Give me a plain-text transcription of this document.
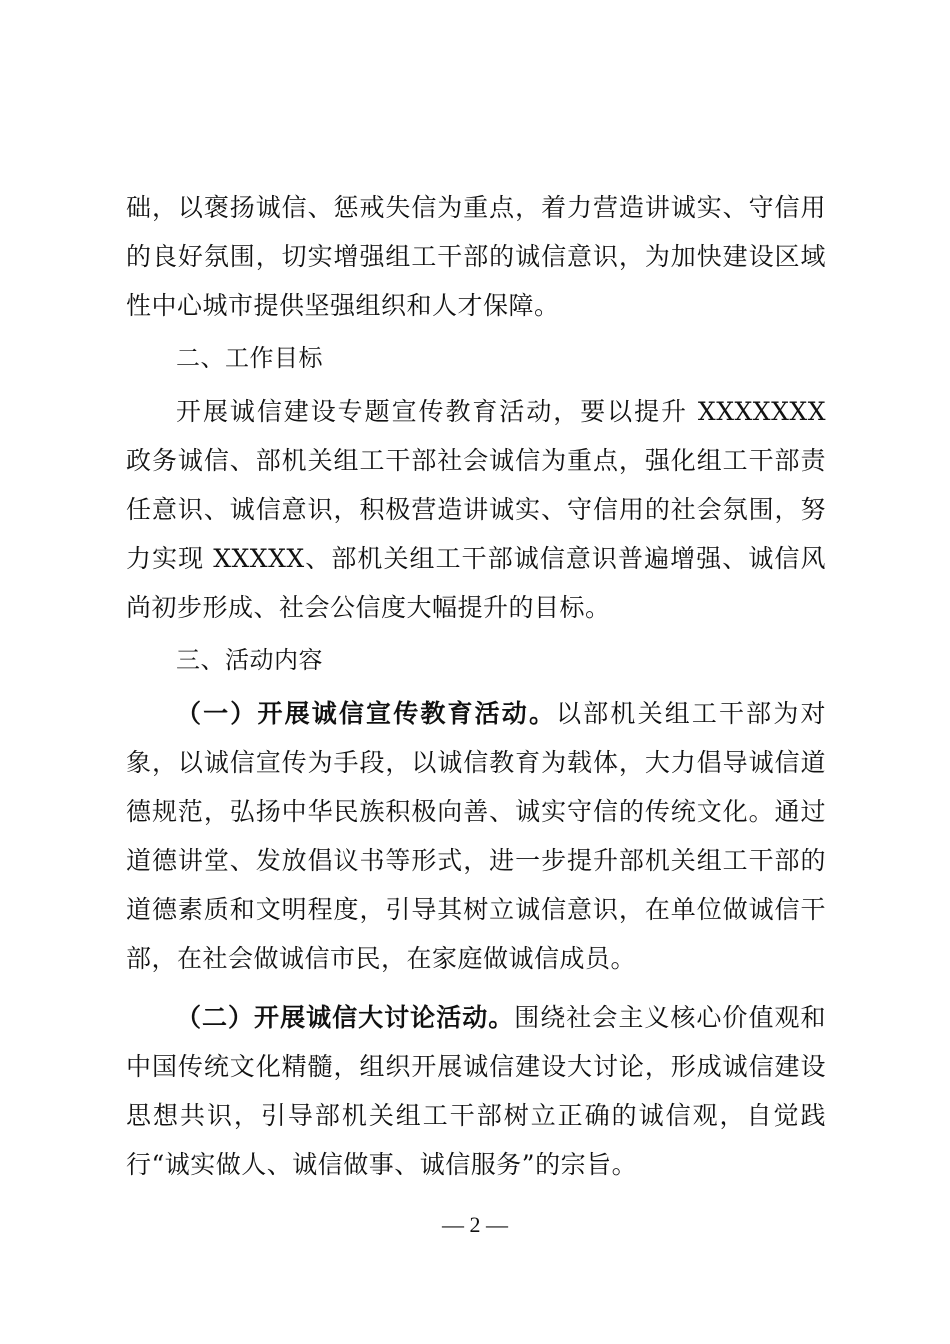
础，以褒扬诚信、惩戒失信为重点，着力营造讲诚实、守信用的良好氛围，切实增强组工干部的诚信意识，为加快建设区域性中心城市提供坚强组织和人才保障。

二、工作目标

开展诚信建设专题宣传教育活动，要以提升 XXXXXXX 政务诚信、部机关组工干部社会诚信为重点，强化组工干部责任意识、诚信意识，积极营造讲诚实、守信用的社会氛围，努力实现 XXXXX、部机关组工干部诚信意识普遍增强、诚信风尚初步形成、社会公信度大幅提升的目标。

三、活动内容

（一）开展诚信宣传教育活动。以部机关组工干部为对象，以诚信宣传为手段，以诚信教育为载体，大力倡导诚信道德规范，弘扬中华民族积极向善、诚实守信的传统文化。通过道德讲堂、发放倡议书等形式，进一步提升部机关组工干部的道德素质和文明程度，引导其树立诚信意识，在单位做诚信干部，在社会做诚信市民，在家庭做诚信成员。

（二）开展诚信大讨论活动。围绕社会主义核心价值观和中国传统文化精髓，组织开展诚信建设大讨论，形成诚信建设思想共识，引导部机关组工干部树立正确的诚信观，自觉践行“诚实做人、诚信做事、诚信服务”的宗旨。

— 2 —
